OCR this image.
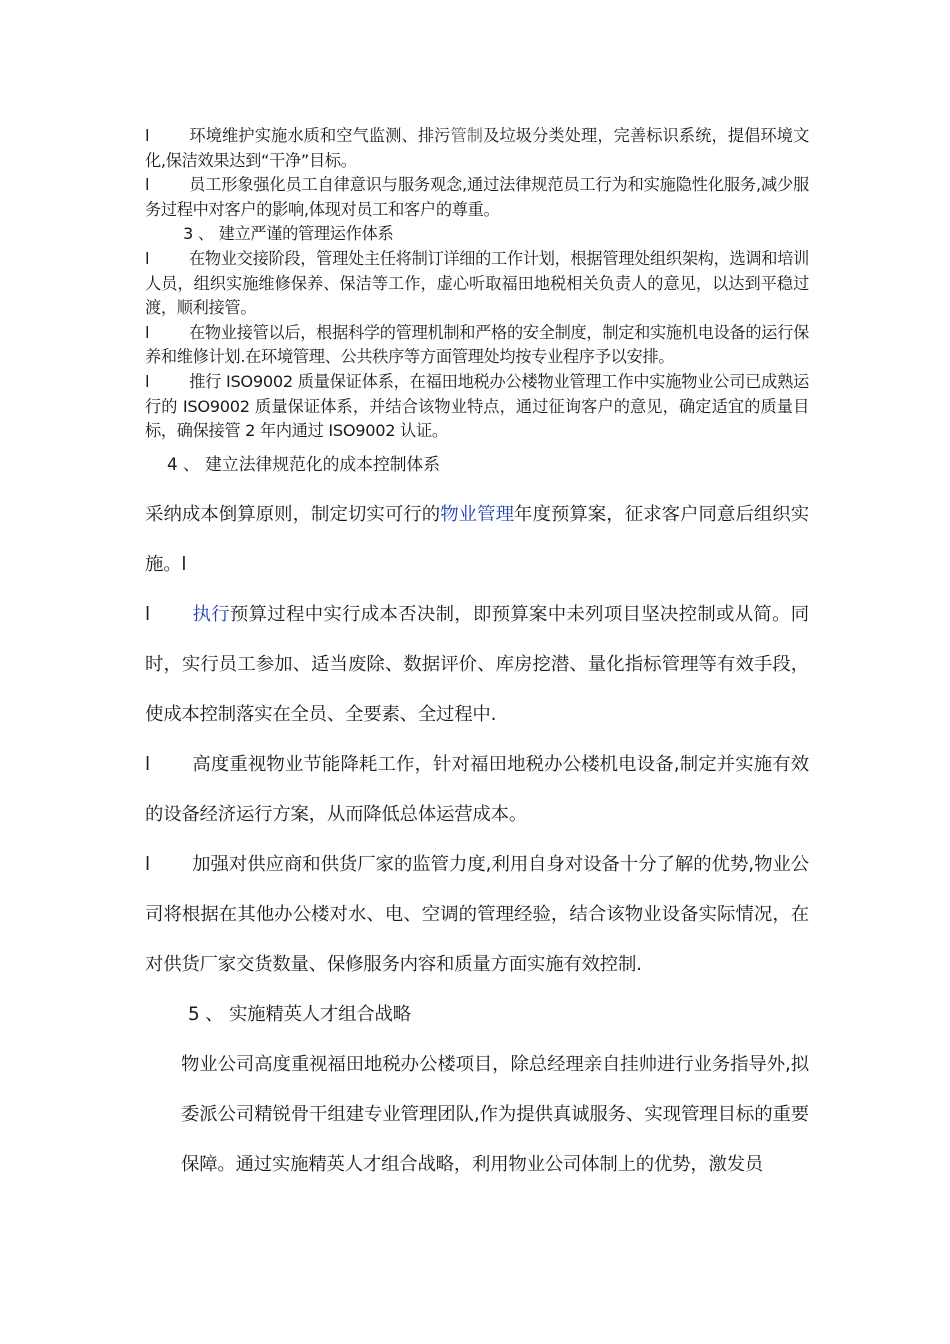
l 环境维护实施水质和空气监测、排污管制及垃圾分类处理，完善标识系统，提倡环境文化,保洁效果达到“干净”目标。

l 员工形象强化员工自律意识与服务观念,通过法律规范员工行为和实施隐性化服务,减少服务过程中对客户的影响,体现对员工和客户的尊重。

3 、 建立严谨的管理运作体系

l 在物业交接阶段，管理处主任将制订详细的工作计划，根据管理处组织架构，选调和培训人员，组织实施维修保养、保洁等工作，虚心听取福田地税相关负责人的意见，以达到平稳过渡，顺利接管。

l 在物业接管以后，根据科学的管理机制和严格的安全制度，制定和实施机电设备的运行保养和维修计划.在环境管理、公共秩序等方面管理处均按专业程序予以安排。

l 推行 ISO9002 质量保证体系，在福田地税办公楼物业管理工作中实施物业公司已成熟运行的 ISO9002 质量保证体系，并结合该物业特点，通过征询客户的意见，确定适宜的质量目标，确保接管 2 年内通过 ISO9002 认证。

4 、 建立法律规范化的成本控制体系

采纳成本倒算原则，制定切实可行的物业管理年度预算案，征求客户同意后组织实施。l

l 执行预算过程中实行成本否决制，即预算案中未列项目坚决控制或从简。同时，实行员工参加、适当废除、数据评价、库房挖潜、量化指标管理等有效手段，使成本控制落实在全员、全要素、全过程中.

l 高度重视物业节能降耗工作，针对福田地税办公楼机电设备,制定并实施有效的设备经济运行方案，从而降低总体运营成本。

l 加强对供应商和供货厂家的监管力度,利用自身对设备十分了解的优势,物业公司将根据在其他办公楼对水、电、空调的管理经验，结合该物业设备实际情况，在对供货厂家交货数量、保修服务内容和质量方面实施有效控制.

5 、 实施精英人才组合战略

物业公司高度重视福田地税办公楼项目，除总经理亲自挂帅进行业务指导外,拟委派公司精锐骨干组建专业管理团队,作为提供真诚服务、实现管理目标的重要保障。通过实施精英人才组合战略，利用物业公司体制上的优势，激发员
